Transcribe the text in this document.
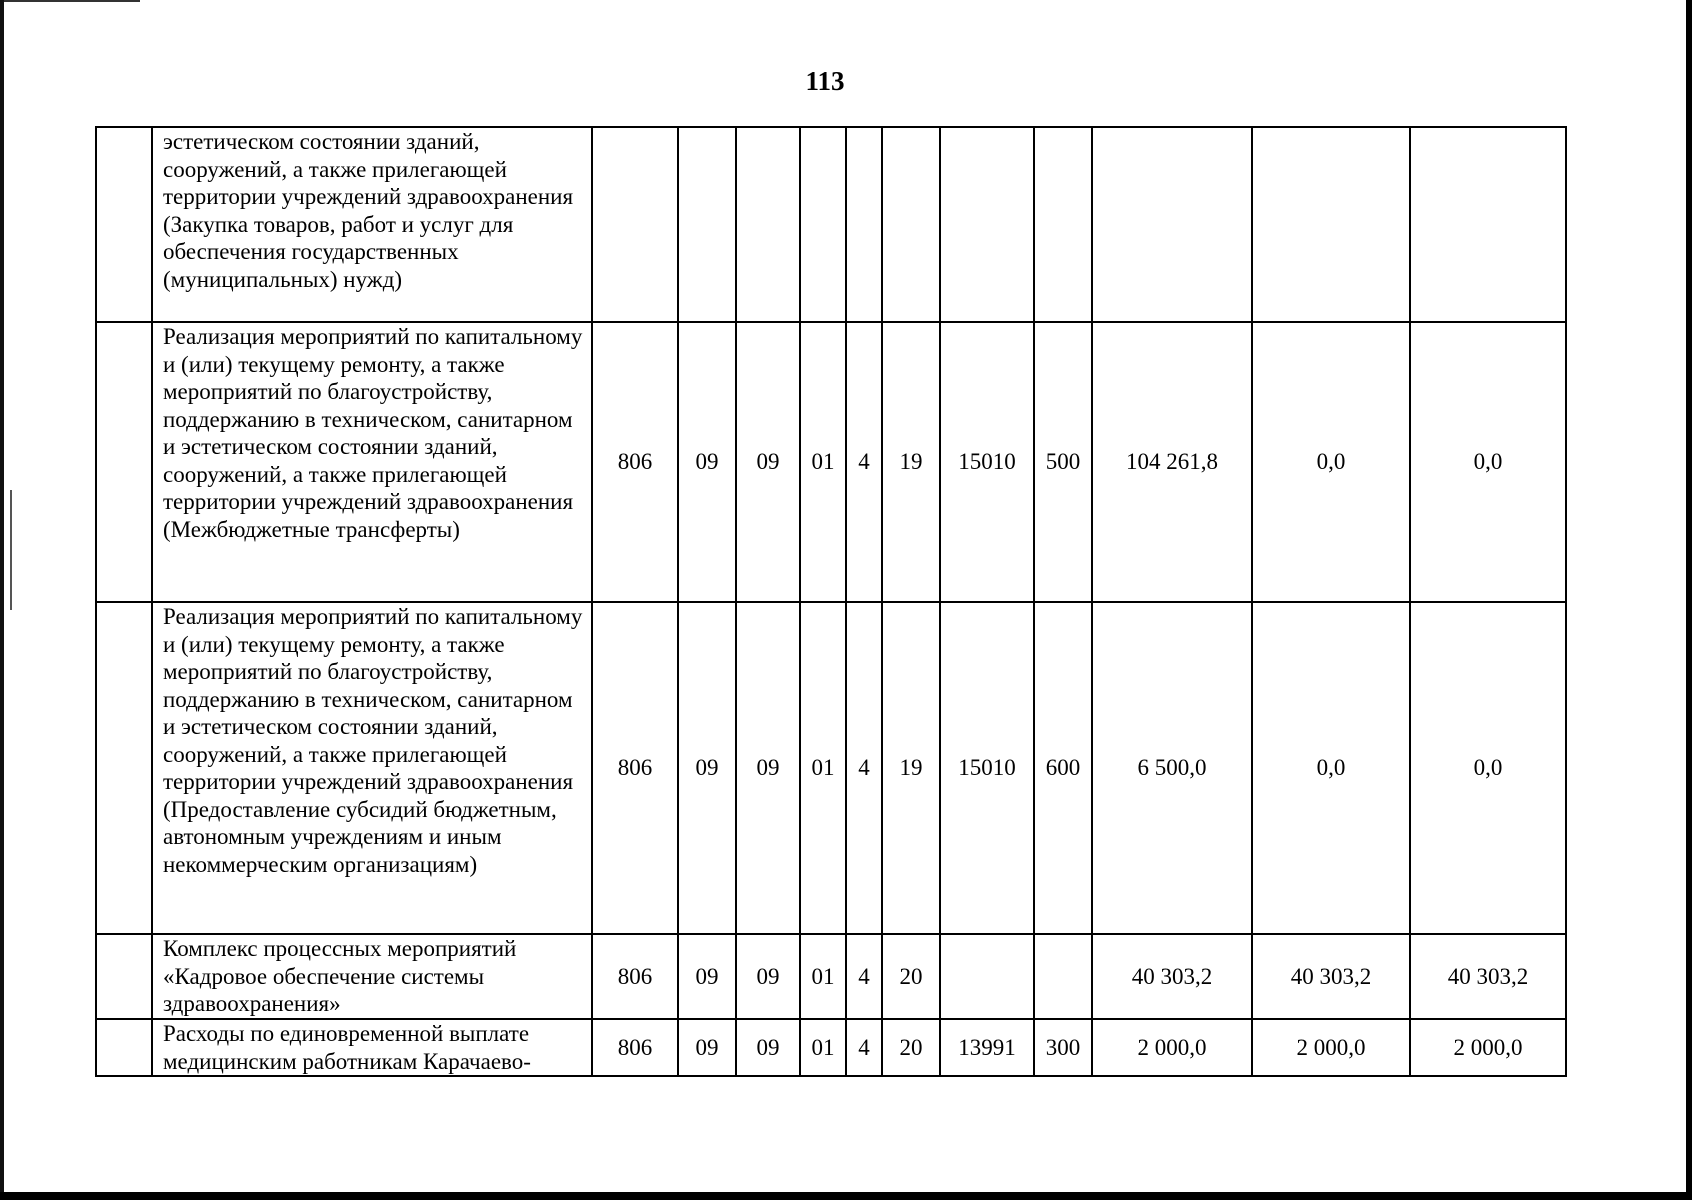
113
	эстетическом состоянии зданий, сооружений, а также прилегающей территории учреждений здравоохранения (Закупка товаров, работ и услуг для обеспечения государственных (муниципальных) нужд)											
	Реализация мероприятий по капитальному и (или) текущему ремонту, а также мероприятий по благоустройству, поддержанию в техническом, санитарном и эстетическом состоянии зданий, сооружений, а также прилегающей территории учреждений здравоохранения (Межбюджетные трансферты)	806	09	09	01	4	19	15010	500	104 261,8	0,0	0,0
	Реализация мероприятий по капитальному и (или) текущему ремонту, а также мероприятий по благоустройству, поддержанию в техническом, санитарном и эстетическом состоянии зданий, сооружений, а также прилегающей территории учреждений здравоохранения (Предоставление субсидий бюджетным, автономным учреждениям и иным некоммерческим организациям)	806	09	09	01	4	19	15010	600	6 500,0	0,0	0,0
	Комплекс процессных мероприятий «Кадровое обеспечение системы здравоохранения»	806	09	09	01	4	20			40 303,2	40 303,2	40 303,2
	Расходы по единовременной выплате медицинским работникам Карачаево-	806	09	09	01	4	20	13991	300	2 000,0	2 000,0	2 000,0
